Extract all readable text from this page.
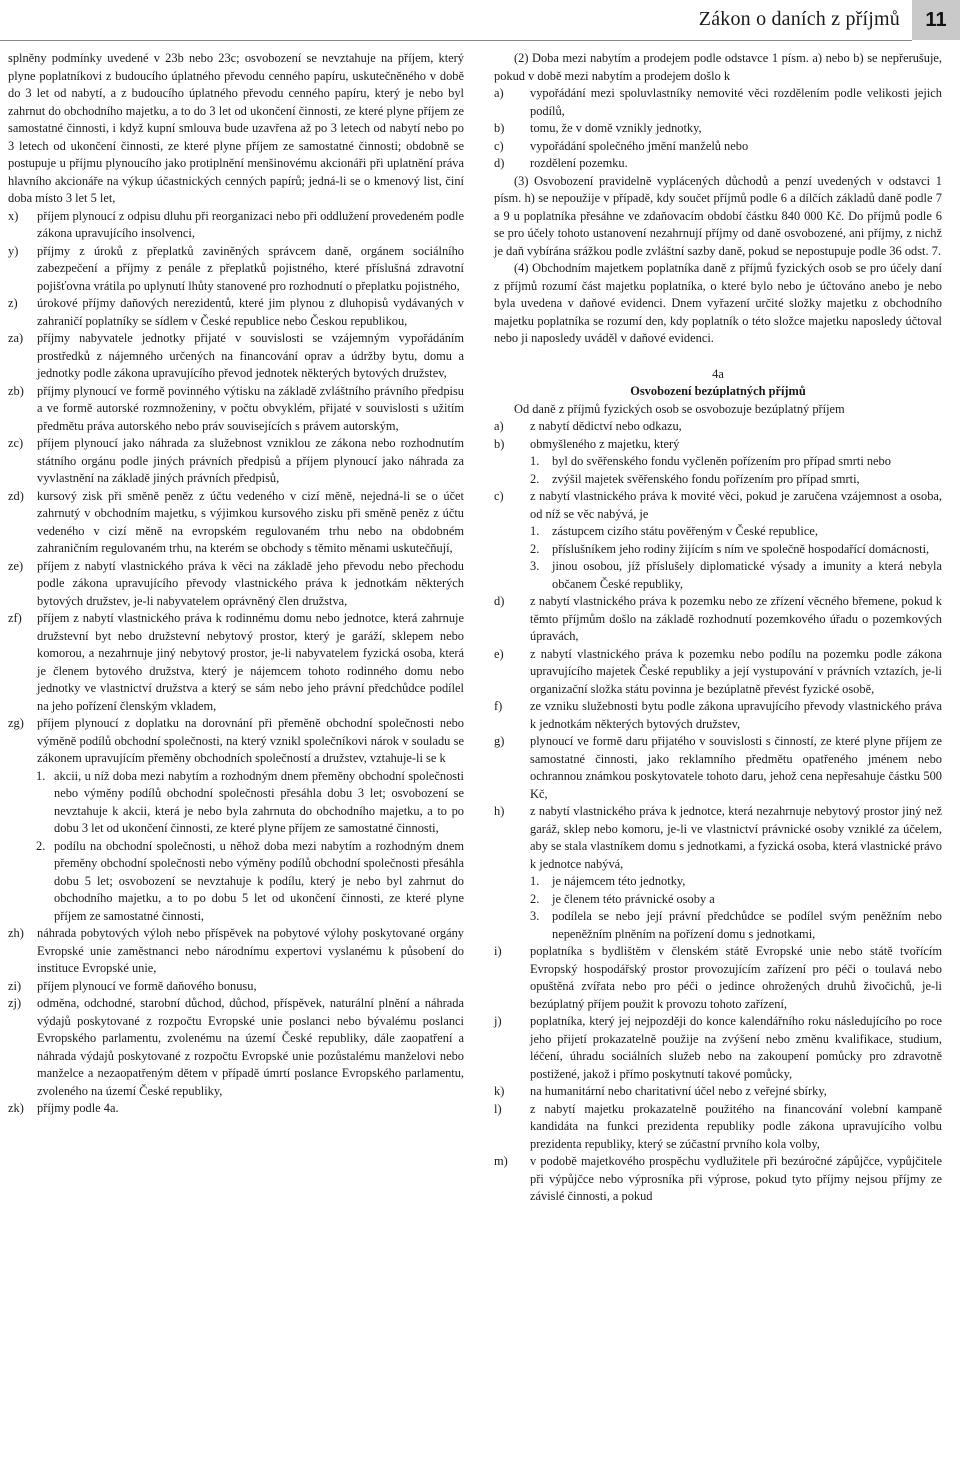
Zákon o daních z příjmů	11

splněny podmínky uvedené v 23b nebo 23c; osvobození se nevztahuje na příjem, který plyne poplatníkovi z budoucího úplatného převodu cenného papíru, uskutečněného v době do 3 let od nabytí, a z budoucího úplatného převodu cenného papíru, který je nebo byl zahrnut do obchodního majetku, a to do 3 let od ukončení činnosti, ze které plyne příjem ze samostatné činnosti, i když kupní smlouva bude uzavřena až po 3 letech od nabytí nebo po 3 letech od ukončení činnosti, ze které plyne příjem ze samostatné činnosti; obdobně se postupuje u příjmu plynoucího jako protiplnění menšinovému akcionáři při uplatnění práva hlavního akcionáře na výkup účastnických cenných papírů; jedná-li se o kmenový list, činí doba místo 3 let 5 let,

x) příjem plynoucí z odpisu dluhu při reorganizaci nebo při oddlužení provedeném podle zákona upravujícího insolvenci,

y) příjmy z úroků z přeplatků zaviněných správcem daně, orgánem sociálního zabezpečení a příjmy z penále z přeplatků pojistného, které příslušná zdravotní pojišťovna vrátila po uplynutí lhůty stanovené pro rozhodnutí o přeplatku pojistného,

z) úrokové příjmy daňových nerezidentů, které jim plynou z dluhopisů vydávaných v zahraničí poplatníky se sídlem v České republice nebo Českou republikou,

za) příjmy nabyvatele jednotky přijaté v souvislosti se vzájemným vypořádáním prostředků z nájemného určených na financování oprav a údržby bytu, domu a jednotky podle zákona upravujícího převod jednotek některých bytových družstev,

zb) příjmy plynoucí ve formě povinného výtisku na základě zvláštního právního předpisu a ve formě autorské rozmnoženiny, v počtu obvyklém, přijaté v souvislosti s užitím předmětu práva autorského nebo práv souvisejících s právem autorským,

zc) příjem plynoucí jako náhrada za služebnost vzniklou ze zákona nebo rozhodnutím státního orgánu podle jiných právních předpisů a příjem plynoucí jako náhrada za vyvlastnění na základě jiných právních předpisů,

zd) kursový zisk při směně peněz z účtu vedeného v cizí měně, nejedná-li se o účet zahrnutý v obchodním majetku, s výjimkou kursového zisku při směně peněz z účtu vedeného v cizí měně na evropském regulovaném trhu nebo na obdobném zahraničním regulovaném trhu, na kterém se obchody s těmito měnami uskutečňují,

ze) příjem z nabytí vlastnického práva k věci na základě jeho převodu nebo přechodu podle zákona upravujícího převody vlastnického práva k jednotkám některých bytových družstev, je-li nabyvatelem oprávněný člen družstva,

zf) příjem z nabytí vlastnického práva k rodinnému domu nebo jednotce, která zahrnuje družstevní byt nebo družstevní nebytový prostor, který je garáží, sklepem nebo komorou, a nezahrnuje jiný nebytový prostor, je-li nabyvatelem fyzická osoba, která je členem bytového družstva, který je nájemcem tohoto rodinného domu nebo jednotky ve vlastnictví družstva a který se sám nebo jeho právní předchůdce podílel na jeho pořízení členským vkladem,

zg) příjem plynoucí z doplatku na dorovnání při přeměně obchodní společnosti nebo výměně podílů obchodní společnosti, na který vznikl společníkovi nárok v souladu se zákonem upravujícím přeměny obchodních společností a družstev, vztahuje-li se k

1. akcii, u níž doba mezi nabytím a rozhodným dnem přeměny obchodní společnosti nebo výměny podílů obchodní společnosti přesáhla dobu 3 let; osvobození se nevztahuje k akcii, která je nebo byla zahrnuta do obchodního majetku, a to po dobu 3 let od ukončení činnosti, ze které plyne příjem ze samostatné činnosti,

2. podílu na obchodní společnosti, u něhož doba mezi nabytím a rozhodným dnem přeměny obchodní společnosti nebo výměny podílů obchodní společnosti přesáhla dobu 5 let; osvobození se nevztahuje k podílu, který je nebo byl zahrnut do obchodního majetku, a to po dobu 5 let od ukončení činnosti, ze které plyne příjem ze samostatné činnosti,

zh) náhrada pobytových výloh nebo příspěvek na pobytové výlohy poskytované orgány Evropské unie zaměstnanci nebo národnímu expertovi vyslanému k působení do instituce Evropské unie,

zi) příjem plynoucí ve formě daňového bonusu,

zj) odměna, odchodné, starobní důchod, důchod, příspěvek, naturální plnění a náhrada výdajů poskytované z rozpočtu Evropské unie poslanci nebo bývalému poslanci Evropského parlamentu, zvolenému na území České republiky, dále zaopatření a náhrada výdajů poskytované z rozpočtu Evropské unie pozůstalému manželovi nebo manželce a nezaopatřeným dětem v případě úmrtí poslance Evropského parlamentu, zvoleného na území České republiky,

zk) příjmy podle 4a.

(2) Doba mezi nabytím a prodejem podle odstavce 1 písm. a) nebo b) se nepřerušuje, pokud v době mezi nabytím a prodejem došlo k

a) vypořádání mezi spoluvlastníky nemovité věci rozdělením podle velikosti jejich podílů,

b) tomu, že v domě vznikly jednotky,

c) vypořádání společného jmění manželů nebo

d) rozdělení pozemku.

(3) Osvobození pravidelně vyplácených důchodů a penzí uvedených v odstavci 1 písm. h) se nepoužije v případě, kdy součet příjmů podle 6 a dílčích základů daně podle 7 a 9 u poplatníka přesáhne ve zdaňovacím období částku 840 000 Kč. Do příjmů podle 6 se pro účely tohoto ustanovení nezahrnují příjmy od daně osvobozené, ani příjmy, z nichž je daň vybírána srážkou podle zvláštní sazby daně, pokud se nepostupuje podle 36 odst. 7.

(4) Obchodním majetkem poplatníka daně z příjmů fyzických osob se pro účely daní z příjmů rozumí část majetku poplatníka, o které bylo nebo je účtováno anebo je nebo byla uvedena v daňové evidenci. Dnem vyřazení určité složky majetku z obchodního majetku poplatníka se rozumí den, kdy poplatník o této složce majetku naposledy účtoval nebo ji naposledy uváděl v daňové evidenci.

4a

Osvobození bezúplatných příjmů

Od daně z příjmů fyzických osob se osvobozuje bezúplatný příjem

a) z nabytí dědictví nebo odkazu,

b) obmyšleného z majetku, který

1. byl do svěřenského fondu vyčleněn pořízením pro případ smrti nebo

2. zvýšil majetek svěřenského fondu pořízením pro případ smrti,

c) z nabytí vlastnického práva k movité věci, pokud je zaručena vzájemnost a osoba, od níž se věc nabývá, je

1. zástupcem cizího státu pověřeným v České republice,

2. příslušníkem jeho rodiny žijícím s ním ve společně hospodařící domácnosti,

3. jinou osobou, jíž příslušely diplomatické výsady a imunity a která nebyla občanem České republiky,

d) z nabytí vlastnického práva k pozemku nebo ze zřízení věcného břemene, pokud k těmto příjmům došlo na základě rozhodnutí pozemkového úřadu o pozemkových úpravách,

e) z nabytí vlastnického práva k pozemku nebo podílu na pozemku podle zákona upravujícího majetek České republiky a její vystupování v právních vztazích, je-li organizační složka státu povinna je bezúplatně převést fyzické osobě,

f) ze vzniku služebnosti bytu podle zákona upravujícího převody vlastnického práva k jednotkám některých bytových družstev,

g) plynoucí ve formě daru přijatého v souvislosti s činností, ze které plyne příjem ze samostatné činnosti, jako reklamního předmětu opatřeného jménem nebo ochrannou známkou poskytovatele tohoto daru, jehož cena nepřesahuje částku 500 Kč,

h) z nabytí vlastnického práva k jednotce, která nezahrnuje nebytový prostor jiný než garáž, sklep nebo komoru, je-li ve vlastnictví právnické osoby vzniklé za účelem, aby se stala vlastníkem domu s jednotkami, a fyzická osoba, která vlastnické právo k jednotce nabývá,

1. je nájemcem této jednotky,

2. je členem této právnické osoby a

3. podílela se nebo její právní předchůdce se podílel svým peněžním nebo nepeněžním plněním na pořízení domu s jednotkami,

i) poplatníka s bydlištěm v členském státě Evropské unie nebo státě tvořícím Evropský hospodářský prostor provozujícím zařízení pro péči o toulavá nebo opuštěná zvířata nebo pro péči o jedince ohrožených druhů živočichů, je-li bezúplatný příjem použit k provozu tohoto zařízení,

j) poplatníka, který jej nejpozději do konce kalendářního roku následujícího po roce jeho přijetí prokazatelně použije na zvýšení nebo změnu kvalifikace, studium, léčení, úhradu sociálních služeb nebo na zakoupení pomůcky pro zdravotně postižené, jakož i přímo poskytnutí takové pomůcky,

k) na humanitární nebo charitativní účel nebo z veřejné sbírky,

l) z nabytí majetku prokazatelně použitého na financování volební kampaně kandidáta na funkci prezidenta republiky podle zákona upravujícího volbu prezidenta republiky, který se zúčastní prvního kola volby,

m) v podobě majetkového prospěchu vydlužitele při bezúročné zápůjčce, vypůjčitele při výpůjčce nebo výprosníka při výprose, pokud tyto příjmy nejsou příjmy ze závislé činnosti, a pokud
